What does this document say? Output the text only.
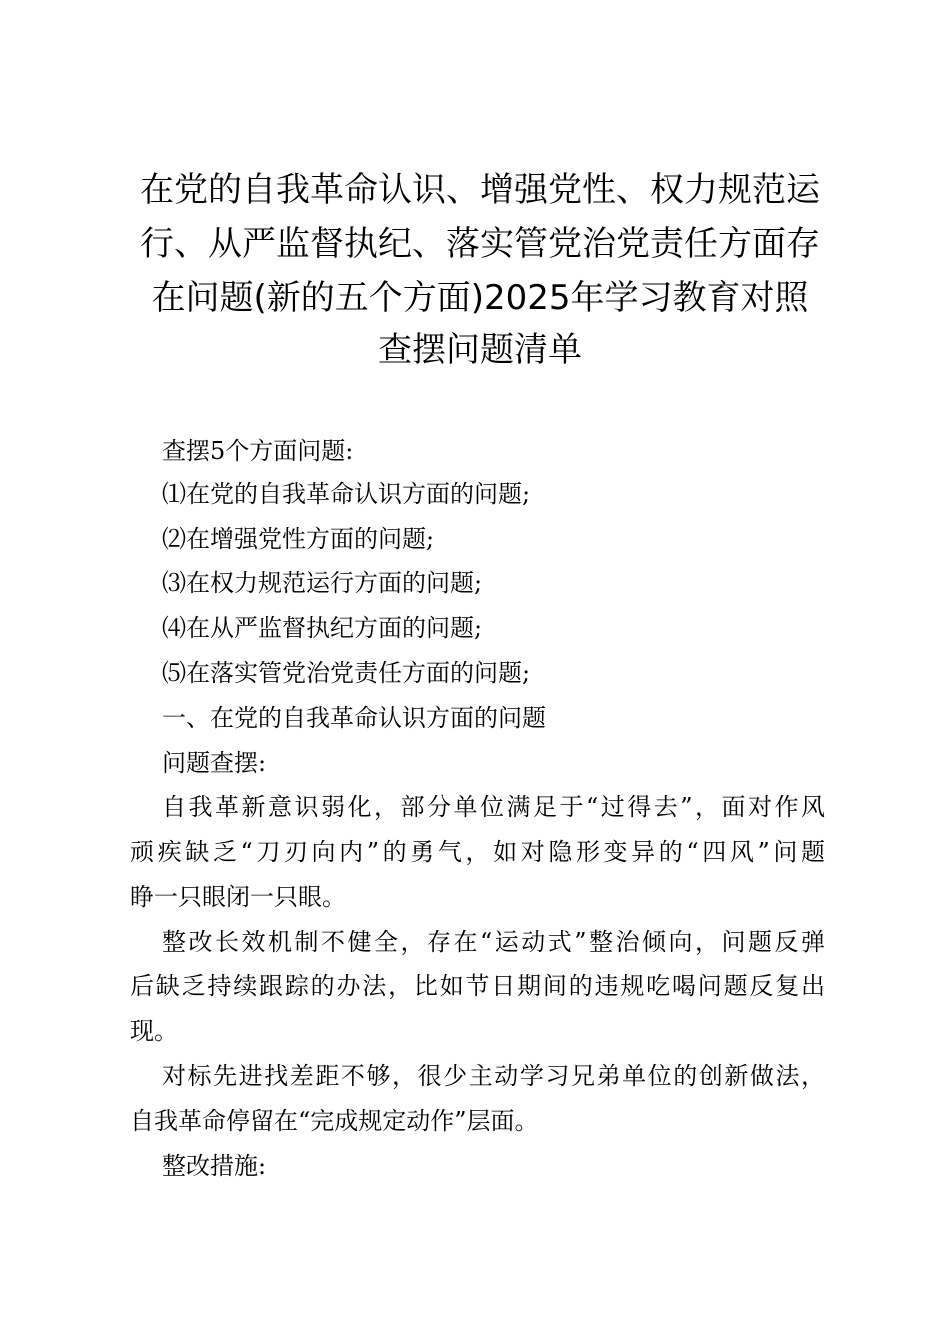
在党的自我革命认识、增强党性、权力规范运
行、从严监督执纪、落实管党治党责任方面存
在问题(新的五个方面)2025年学习教育对照
查摆问题清单
查摆5个方面问题:
⑴在党的自我革命认识方面的问题;
⑵在增强党性方面的问题;
⑶在权力规范运行方面的问题;
⑷在从严监督执纪方面的问题;
⑸在落实管党治党责任方面的问题;
一、在党的自我革命认识方面的问题
问题查摆:
自我革新意识弱化，部分单位满足于“过得去”，面对作风
顽疾缺乏“刀刃向内”的勇气，如对隐形变异的“四风”问题
睁一只眼闭一只眼。
整改长效机制不健全，存在“运动式”整治倾向，问题反弹
后缺乏持续跟踪的办法，比如节日期间的违规吃喝问题反复出
现。
对标先进找差距不够，很少主动学习兄弟单位的创新做法，
自我革命停留在“完成规定动作”层面。
整改措施:
